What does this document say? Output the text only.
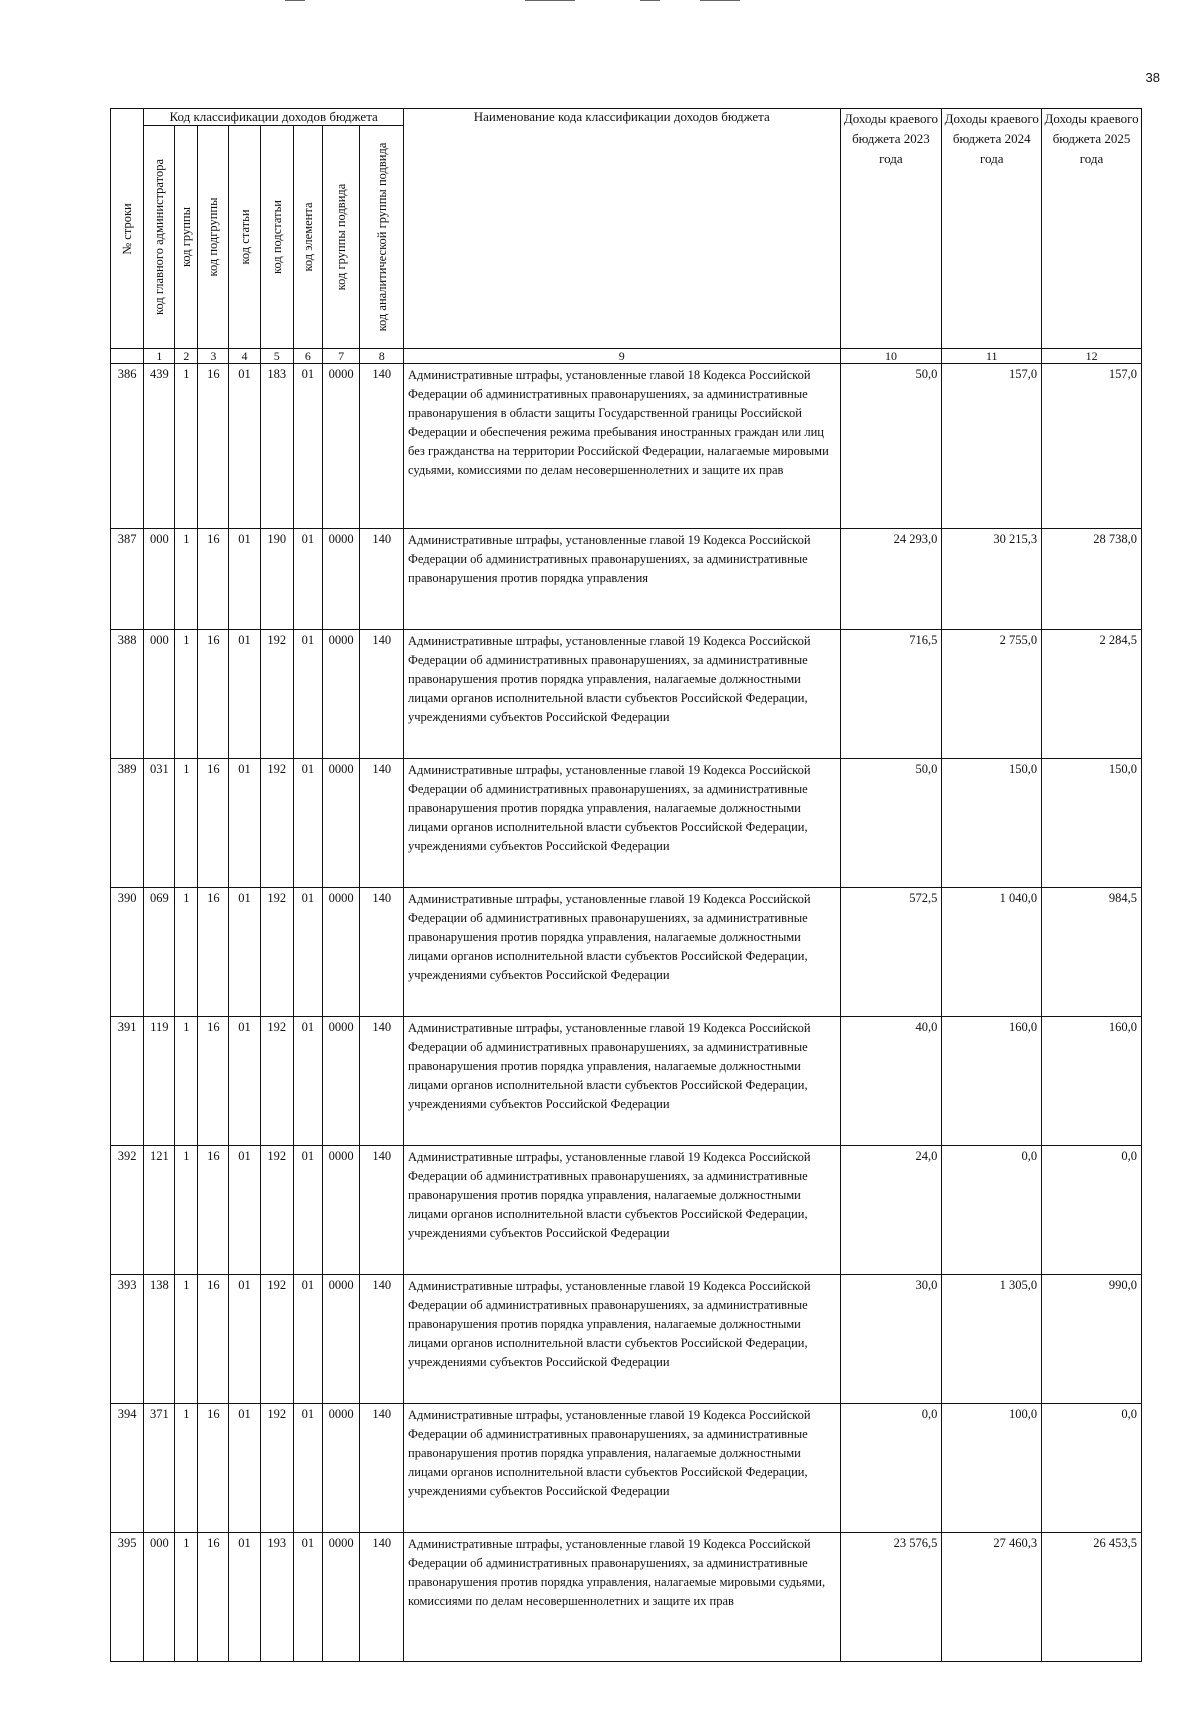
38
№ строки	Код классификации доходов бюджета								Наименование кода классификации доходов бюджета	Доходы краевого бюджета 2023 года	Доходы краевого бюджета 2024 года	Доходы краевого бюджета 2025 года

	код главного администратора	код группы	код подгруппы	код статьи	код подстатьи	код элемента	код группы подвида	код аналитической группы подвида				

	1	2	3	4	5	6	7	8	9	10	11	12
386	439	1	16	01	183	01	0000	140	Административные штрафы, установленные главой 18 Кодекса Российской Федерации об административных правонарушениях, за административные правонарушения в области защиты Государственной границы Российской Федерации и обеспечения режима пребывания иностранных граждан или лиц без гражданства на территории Российской Федерации, налагаемые мировыми судьями, комиссиями по делам несовершеннолетних и защите их прав	50,0	157,0	157,0
387	000	1	16	01	190	01	0000	140	Административные штрафы, установленные главой 19 Кодекса Российской Федерации об административных правонарушениях, за административные правонарушения против порядка управления	24 293,0	30 215,3	28 738,0
388	000	1	16	01	192	01	0000	140	Административные штрафы, установленные главой 19 Кодекса Российской Федерации об административных правонарушениях, за административные правонарушения против порядка управления, налагаемые должностными лицами органов исполнительной власти субъектов Российской Федерации, учреждениями субъектов Российской Федерации	716,5	2 755,0	2 284,5
389	031	1	16	01	192	01	0000	140	Административные штрафы, установленные главой 19 Кодекса Российской Федерации об административных правонарушениях, за административные правонарушения против порядка управления, налагаемые должностными лицами органов исполнительной власти субъектов Российской Федерации, учреждениями субъектов Российской Федерации	50,0	150,0	150,0
390	069	1	16	01	192	01	0000	140	Административные штрафы, установленные главой 19 Кодекса Российской Федерации об административных правонарушениях, за административные правонарушения против порядка управления, налагаемые должностными лицами органов исполнительной власти субъектов Российской Федерации, учреждениями субъектов Российской Федерации	572,5	1 040,0	984,5
391	119	1	16	01	192	01	0000	140	Административные штрафы, установленные главой 19 Кодекса Российской Федерации об административных правонарушениях, за административные правонарушения против порядка управления, налагаемые должностными лицами органов исполнительной власти субъектов Российской Федерации, учреждениями субъектов Российской Федерации	40,0	160,0	160,0
392	121	1	16	01	192	01	0000	140	Административные штрафы, установленные главой 19 Кодекса Российской Федерации об административных правонарушениях, за административные правонарушения против порядка управления, налагаемые должностными лицами органов исполнительной власти субъектов Российской Федерации, учреждениями субъектов Российской Федерации	24,0	0,0	0,0
393	138	1	16	01	192	01	0000	140	Административные штрафы, установленные главой 19 Кодекса Российской Федерации об административных правонарушениях, за административные правонарушения против порядка управления, налагаемые должностными лицами органов исполнительной власти субъектов Российской Федерации, учреждениями субъектов Российской Федерации	30,0	1 305,0	990,0
394	371	1	16	01	192	01	0000	140	Административные штрафы, установленные главой 19 Кодекса Российской Федерации об административных правонарушениях, за административные правонарушения против порядка управления, налагаемые должностными лицами органов исполнительной власти субъектов Российской Федерации, учреждениями субъектов Российской Федерации	0,0	100,0	0,0
395	000	1	16	01	193	01	0000	140	Административные штрафы, установленные главой 19 Кодекса Российской Федерации об административных правонарушениях, за административные правонарушения против порядка управления, налагаемые мировыми судьями, комиссиями по делам несовершеннолетних и защите их прав	23 576,5	27 460,3	26 453,5
